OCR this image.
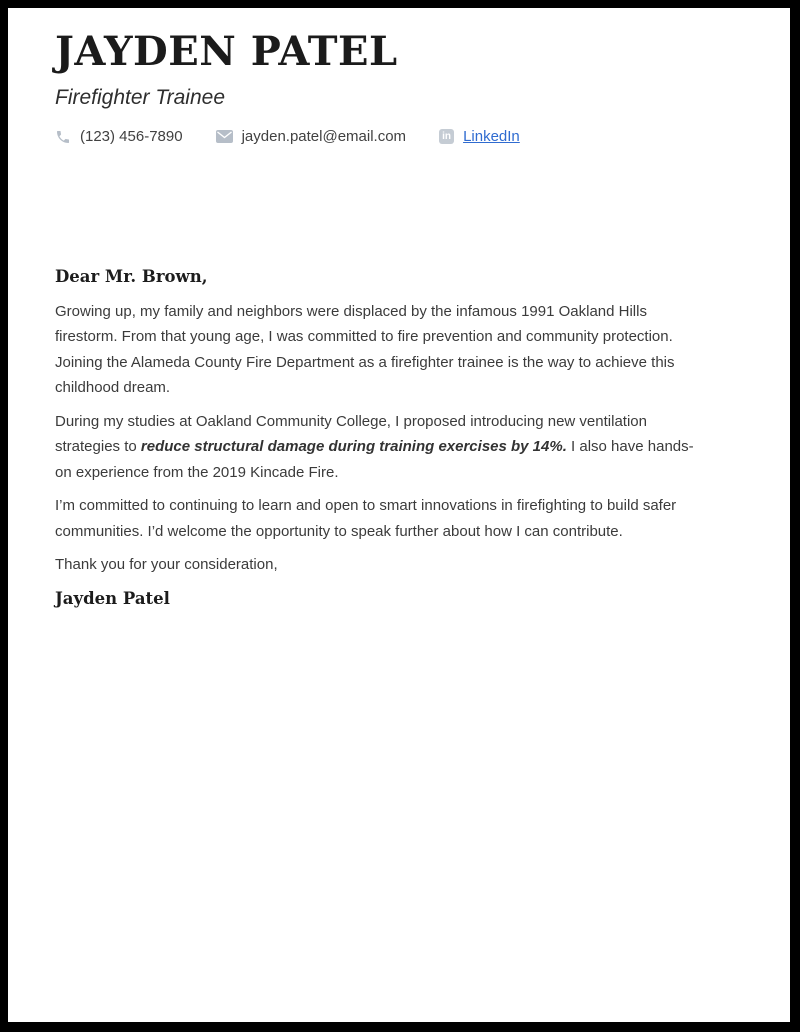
JAYDEN PATEL
Firefighter Trainee
(123) 456-7890	jayden.patel@email.com	in LinkedIn

Dear Mr. Brown,

Growing up, my family and neighbors were displaced by the infamous 1991 Oakland Hills firestorm. From that young age, I was committed to fire prevention and community protection. Joining the Alameda County Fire Department as a firefighter trainee is the way to achieve this childhood dream.

During my studies at Oakland Community College, I proposed introducing new ventilation strategies to reduce structural damage during training exercises by 14%. I also have hands-on experience from the 2019 Kincade Fire.

I’m committed to continuing to learn and open to smart innovations in firefighting to build safer communities. I’d welcome the opportunity to speak further about how I can contribute.

Thank you for your consideration,

Jayden Patel
